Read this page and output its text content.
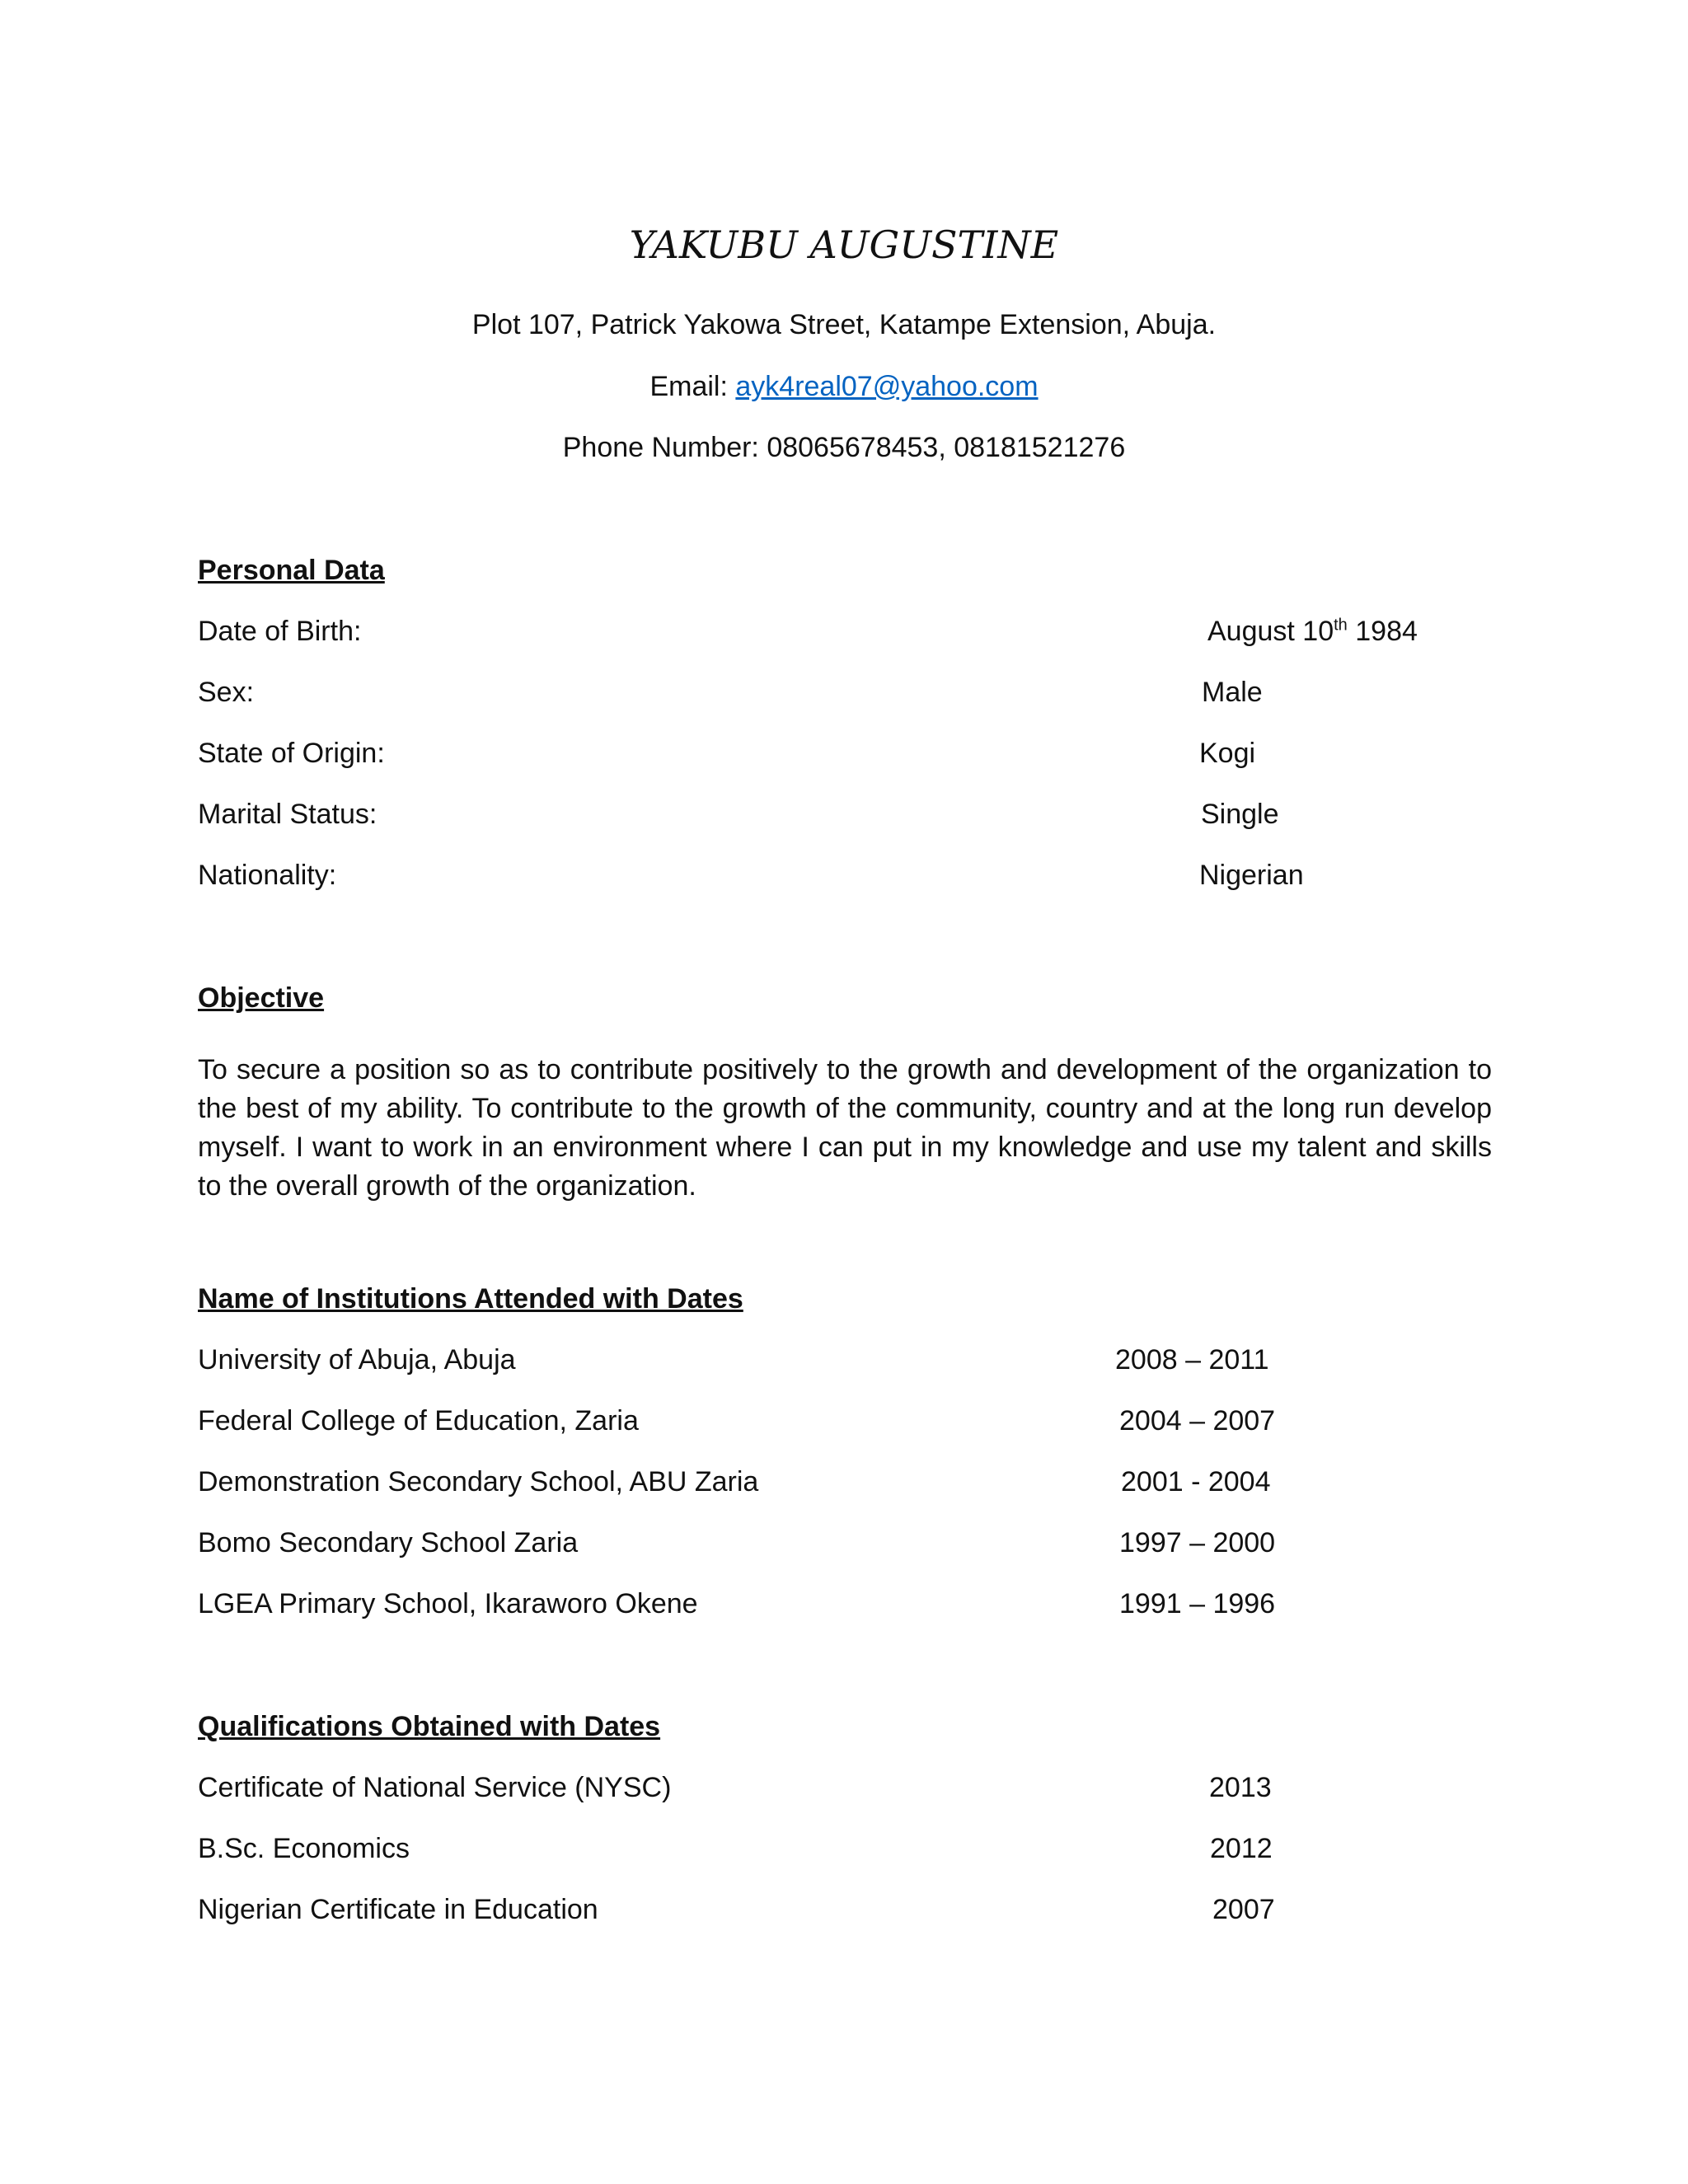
YAKUBU AUGUSTINE
Plot 107, Patrick Yakowa Street, Katampe Extension, Abuja.
Email: ayk4real07@yahoo.com
Phone Number: 08065678453, 08181521276
Personal Data
Date of Birth:	August 10th 1984
Sex:	Male
State of Origin:	Kogi
Marital Status:	Single
Nationality:	Nigerian
Objective
To secure a position so as to contribute positively to the growth and development of the organization to the best of my ability. To contribute to the growth of the community, country and at the long run develop myself. I want to work in an environment where I can put in my knowledge and use my talent and skills to the overall growth of the organization.
Name of Institutions Attended with Dates
University of Abuja, Abuja	2008 – 2011
Federal College of Education, Zaria	2004 – 2007
Demonstration Secondary School, ABU Zaria	2001 - 2004
Bomo Secondary School Zaria	1997 – 2000
LGEA Primary School, Ikaraworo Okene	1991 – 1996
Qualifications Obtained with Dates
Certificate of National Service (NYSC)	2013
B.Sc. Economics	2012
Nigerian Certificate in Education	2007
